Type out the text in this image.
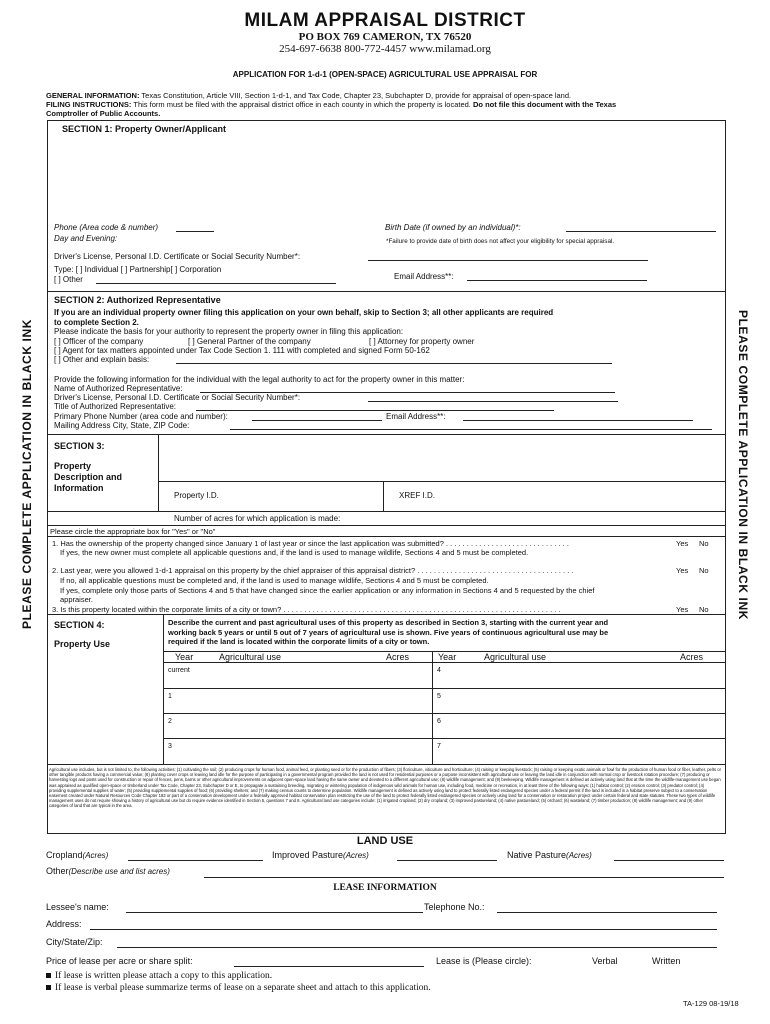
MILAM APPRAISAL DISTRICT
PO BOX 769 CAMERON, TX 76520
254-697-6638 800-772-4457 www.milamad.org
APPLICATION FOR 1-d-1 (OPEN-SPACE) AGRICULTURAL USE APPRAISAL FOR
GENERAL INFORMATION: Texas Constitution, Article VIII, Section 1-d-1, and Tax Code, Chapter 23, Subchapter D, provide for appraisal of open-space land.
FILING INSTRUCTIONS: This form must be filed with the appraisal district office in each county in which the property is located. Do not file this document with the Texas
Comptroller of Public Accounts.
PLEASE COMPLETE APPLICATION IN BLACK INK	PLEASE COMPLETE APPLICATION IN BLACK INK
SECTION 1: Property Owner/Applicant
Phone (Area code & number)
Day and Evening:
Birth Date (if owned by an individual)*:
*Failure to provide date of birth does not affect your eligibility for special appraisal.
Driver's License, Personal I.D. Certificate or Social Security Number*:
Type: [ ] Individual [ ] Partnership[ ] Corporation
[ ] Other	Email Address**:
SECTION 2: Authorized Representative
If you are an individual property owner filing this application on your own behalf, skip to Section 3; all other applicants are required
to complete Section 2.
Please indicate the basis for your authority to represent the property owner in filing this application:
[ ] Officer of the company	[ ] General Partner of the company	[ ] Attorney for property owner
[ ] Agent for tax matters appointed under Tax Code Section 1. 111 with completed and signed Form 50-162
[ ] Other and explain basis:
Provide the following information for the individual with the legal authority to act for the property owner in this matter:
Name of Authorized Representative:
Driver's License, Personal I.D. Certificate or Social Security Number*:
Title of Authorized Representative:
Primary Phone Number (area code and number):	Email Address**:
Mailing Address City, State, ZIP Code:
SECTION 3:
Property
Description and
Information
Property I.D.	XREF I.D.
Number of acres for which application is made:
Please circle the appropriate box for "Yes" or "No"
1. Has the ownership of the property changed since January 1 of last year or since the last application was submitted? . . . . . . . . . . . . . . . . . . . . . . . . . . . . . .	Yes No
If yes, the new owner must complete all applicable questions and, if the land is used to manage wildlife, Sections 4 and 5 must be completed.
2. Last year, were you allowed 1-d-1 appraisal on this property by the chief appraiser of this appraisal district? . . . . . . . . . . . . . . . . . . . . . . . . . . . . . . . . . . . . . .	Yes No
If no, all applicable questions must be completed and, if the land is used to manage wildlife, Sections 4 and 5 must be completed.
If yes, complete only those parts of Sections 4 and 5 that have changed since the earlier application or any information in Sections 4 and 5 requested by the chief
appraiser.
3. Is this property located within the corporate limits of a city or town? . . . . . . . . . . . . . . . . . . . . . . . . . . . . . . . . . . . . . . . . . . . . . . . . . . . . . . . . . . . . . . . . . . .	Yes No
SECTION 4:
Property Use
Describe the current and past agricultural uses of this property as described in Section 3, starting with the current year and
working back 5 years or until 5 out of 7 years of agricultural use is shown. Five years of continuous agricultural use may be
required if the land is located within the corporate limits of a city or town.
Year	Agricultural use	Acres	Year	Agricultural use	Acres
current
1
2
3
4
5
6
7
Agricultural use includes, but is not limited to, the following activities: (1) cultivating the soil; (2) producing crops for human food, animal feed, or planting seed or for the production of fibers; (3) floriculture, viticulture and horticulture; (4) raising or keeping livestock; (5) raising or keeping exotic animals or fowl for the production of human food or fiber, leather, pelts or other tangible products having a commercial value; (6) planting cover crops or leaving land idle for the purpose of participating in a governmental program provided the land is not used for residential purposes or a purpose inconsistent with agricultural use or leaving the land idle in conjunction with normal crop or livestock rotation procedure; (7) producing or harvesting logs and posts used for construction or repair of fences, pens, barns or other agricultural improvements on adjacent open-space land having the same owner and devoted to a different agricultural use; (8) wildlife management; and (9) beekeeping. Wildlife management is defined as actively using land that at the time the wildlife-management use began was appraised as qualified open-space or timberland under Tax Code, Chapter 23, Subchapter D or E, to propagate a sustaining breeding, migrating or wintering population of indigenous wild animals for human use, including food, medicine or recreation, in at least three of the following ways: (1) habitat control; (2) erosion control; (3) predator control; (4) providing supplemental supplies of water; (5) providing supplemental supplies of food; (6) providing shelters; and (7) making census counts to determine population. Wildlife management is defined as actively using land to protect federally listed endangered species under a federal permit if the land is included in a habitat preserve subject to a conservation easement created under Natural Resources Code Chapter 183 or part of a conservation development under a federally approved habitat conservation plan restricting the use of the land to protect federally listed endangered species or actively using land for a conservation or restoration project under certain federal and state statutes. These two types of wildlife management uses do not require showing a history of agricultural use but do require evidence identified in Section 5, questions 7 and 8. Agricultural land use categories include: (1) irrigated cropland; (2) dry cropland; (3) improved pastureland; (4) native pastureland; (5) orchard; (6) wasteland; (7) timber production; (8) wildlife management; and (9) other categories of land that are typical in the area.
LAND USE
Cropland(Acres)	Improved Pasture(Acres)	Native Pasture(Acres)
Other(Describe use and list acres)
LEASE INFORMATION
Lessee's name:	Telephone No.:
Address:
City/State/Zip:
Price of lease per acre or share split:	Lease is (Please circle):	Verbal	Written
If lease is written please attach a copy to this application.
If lease is verbal please summarize terms of lease on a separate sheet and attach to this application.
TA-129 08-19/18
